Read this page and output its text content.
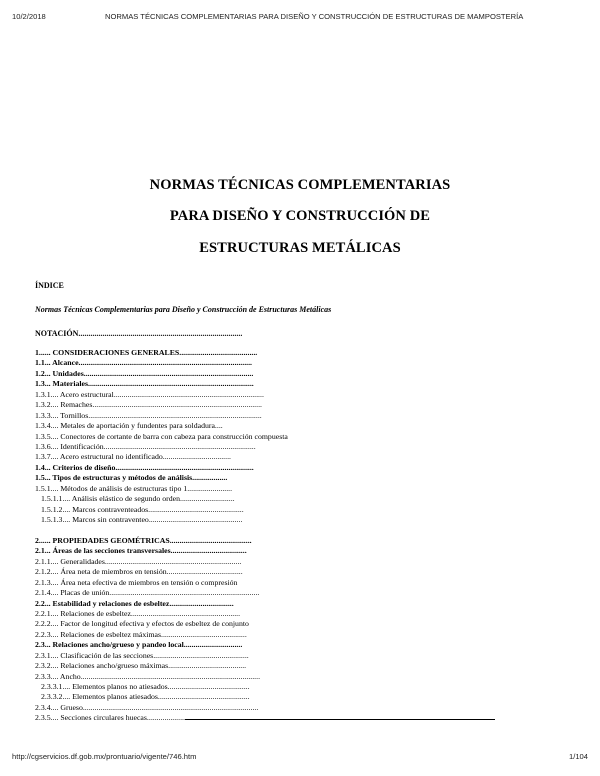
10/2/2018	NORMAS TÉCNICAS COMPLEMENTARIAS PARA DISEÑO Y CONSTRUCCIÓN DE ESTRUCTURAS DE MAMPOSTERÍA
NORMAS TÉCNICAS COMPLEMENTARIAS
PARA DISEÑO Y CONSTRUCCIÓN DE
ESTRUCTURAS METÁLICAS
ÍNDICE
Normas Técnicas Complementarias para Diseño y Construcción de Estructuras Metálicas
NOTACIÓN..................................................................................
1...... CONSIDERACIONES GENERALES........................................
1.1... Alcance.........................................................................................
1.2... Unidades.......................................................................................
1.3... Materiales.....................................................................................
1.3.1.... Acero estructural.............................................................................
1.3.2.... Remaches.......................................................................................
1.3.3.... Tornillos.........................................................................................
1.3.4.... Metales de aportación y fundentes para soldadura....
1.3.5.... Conectores de cortante de barra con cabeza para construcción compuesta
1.3.6.... Identificación..............................................................................
1.3.7.... Acero estructural no identificado...................................
1.4... Criterios de diseño.......................................................................
1.5... Tipos de estructuras y métodos de análisis..................
1.5.1.... Métodos de análisis de estructuras tipo 1.......................
1.5.1.1.... Análisis elástico de segundo orden............................
1.5.1.2.... Marcos contraventeados.................................................
1.5.1.3.... Marcos sin contraventeo................................................
2...... PROPIEDADES GEOMÉTRICAS..........................................
2.1... Áreas de las secciones transversales.......................................
2.1.1.... Generalidades......................................................................
2.1.2.... Área neta de miembros en tensión.......................................
2.1.3.... Área neta efectiva de miembros en tensión o compresión
2.1.4.... Placas de unión.............................................................................
2.2... Estabilidad y relaciones de esbeltez.................................
2.2.1.... Relaciones de esbeltez........................................................
2.2.2.... Factor de longitud efectiva y efectos de esbeltez de conjunto
2.2.3.... Relaciones de esbeltez máximas............................................
2.3... Relaciones ancho/grueso y pandeo local..............................
2.3.1.... Clasificación de las secciones.................................................
2.3.2.... Relaciones ancho/grueso máximas........................................
2.3.3.... Ancho............................................................................................
2.3.3.1.... Elementos planos no atiesados..........................................
2.3.3.2.... Elementos planos atiesados...............................................
2.3.4.... Grueso..........................................................................................
2.3.5.... Secciones circulares huecas....................................................
http://cgservicios.df.gob.mx/prontuario/vigente/746.htm	1/104
